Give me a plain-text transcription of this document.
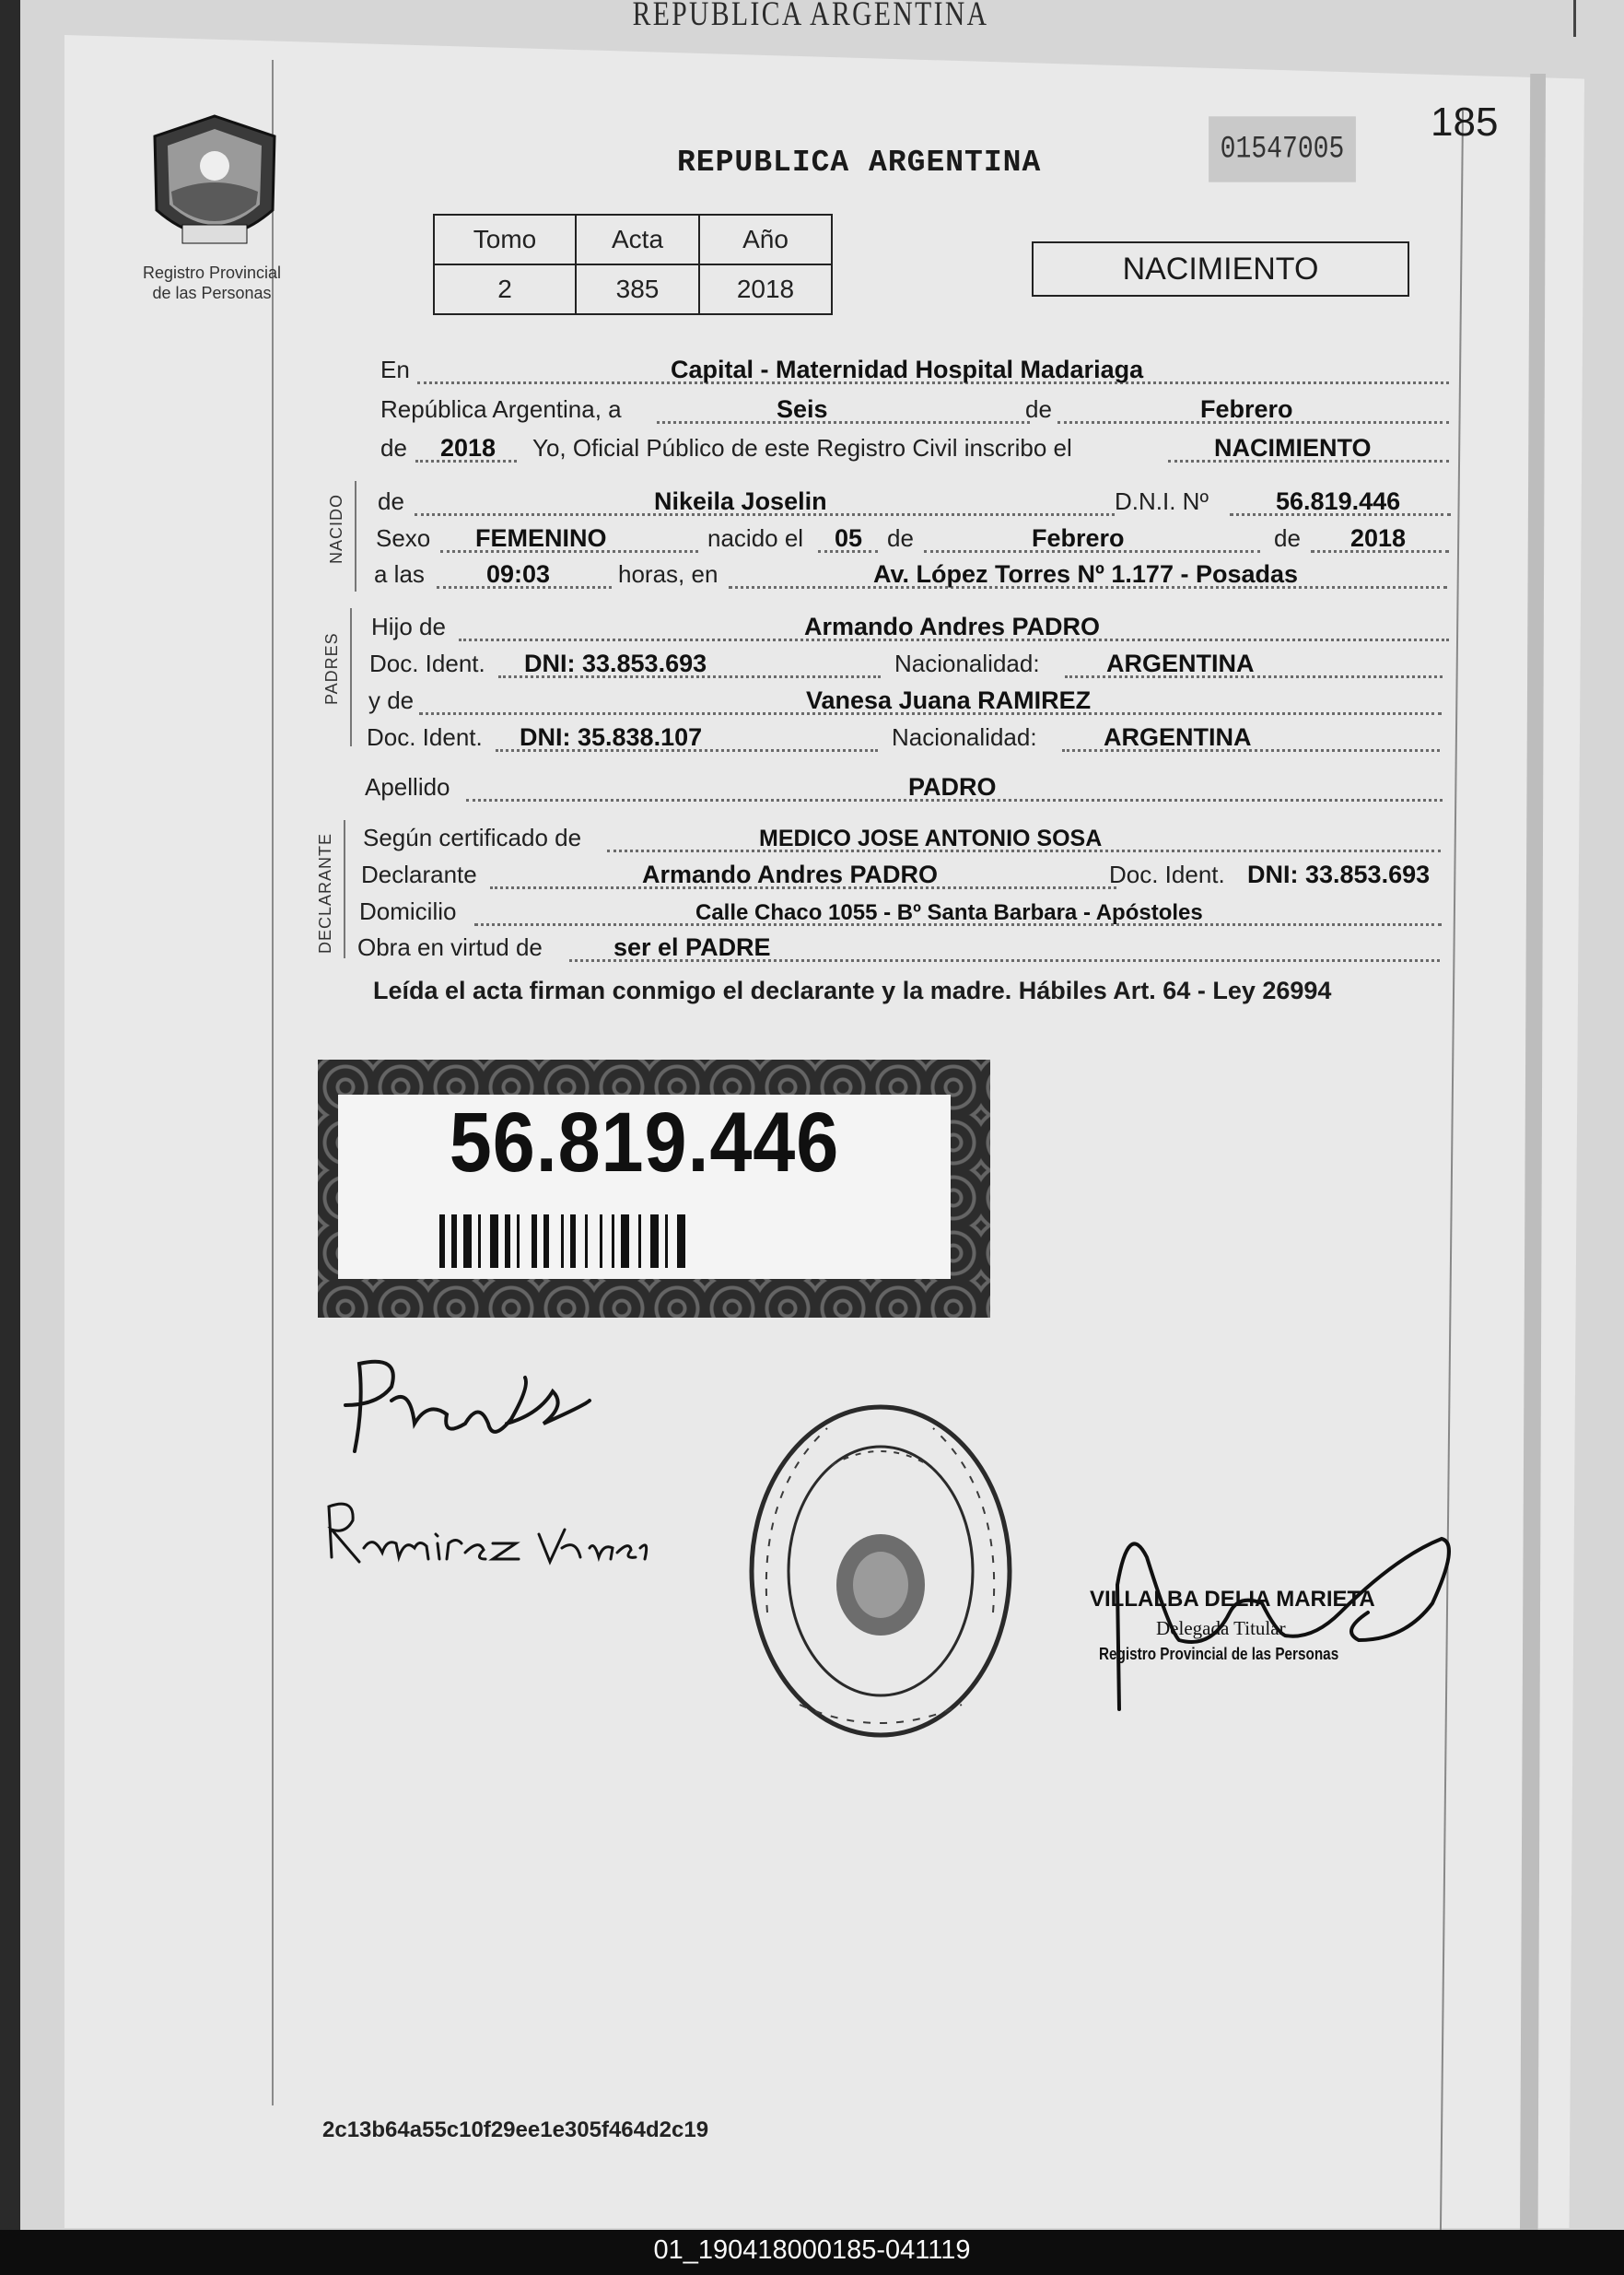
REPUBLICA ARGENTINA
Registro Provincial
de las Personas
REPUBLICA ARGENTINA	01547005
185
Tomo	Acta	Año
2	385	2018
NACIMIENTO
NACIDO
PADRES
DECLARANTE
En	Capital - Maternidad Hospital Madariaga
República Argentina, a	Seis	de	Febrero
de 2018 Yo, Oficial Público de este Registro Civil inscribo el	NACIMIENTO
de	Nikeila Joselin	D.N.I. Nº	56.819.446
Sexo FEMENINO	nacido el 05 de	Febrero	de 2018
a las 09:03	horas, en	Av. López Torres Nº 1.177 - Posadas
Hijo de	Armando Andres PADRO
Doc. Ident. DNI: 33.853.693	Nacionalidad:	ARGENTINA
y de	Vanesa Juana RAMIREZ
Doc. Ident. DNI: 35.838.107	Nacionalidad:	ARGENTINA
Apellido	PADRO
Según certificado de	MEDICO JOSE ANTONIO SOSA
Declarante	Armando Andres PADRO	Doc. Ident. DNI: 33.853.693
Domicilio	Calle Chaco 1055 - Bº Santa Barbara - Apóstoles
Obra en virtud de	ser el PADRE
Leída el acta firman conmigo el declarante y la madre. Hábiles Art. 64 - Ley 26994
56.819.446
VILLALBA DELIA MARIETA
Delegada Titular
Registro Provincial de las Personas
2c13b64a55c10f29ee1e305f464d2c19
01_190418000185-041119
